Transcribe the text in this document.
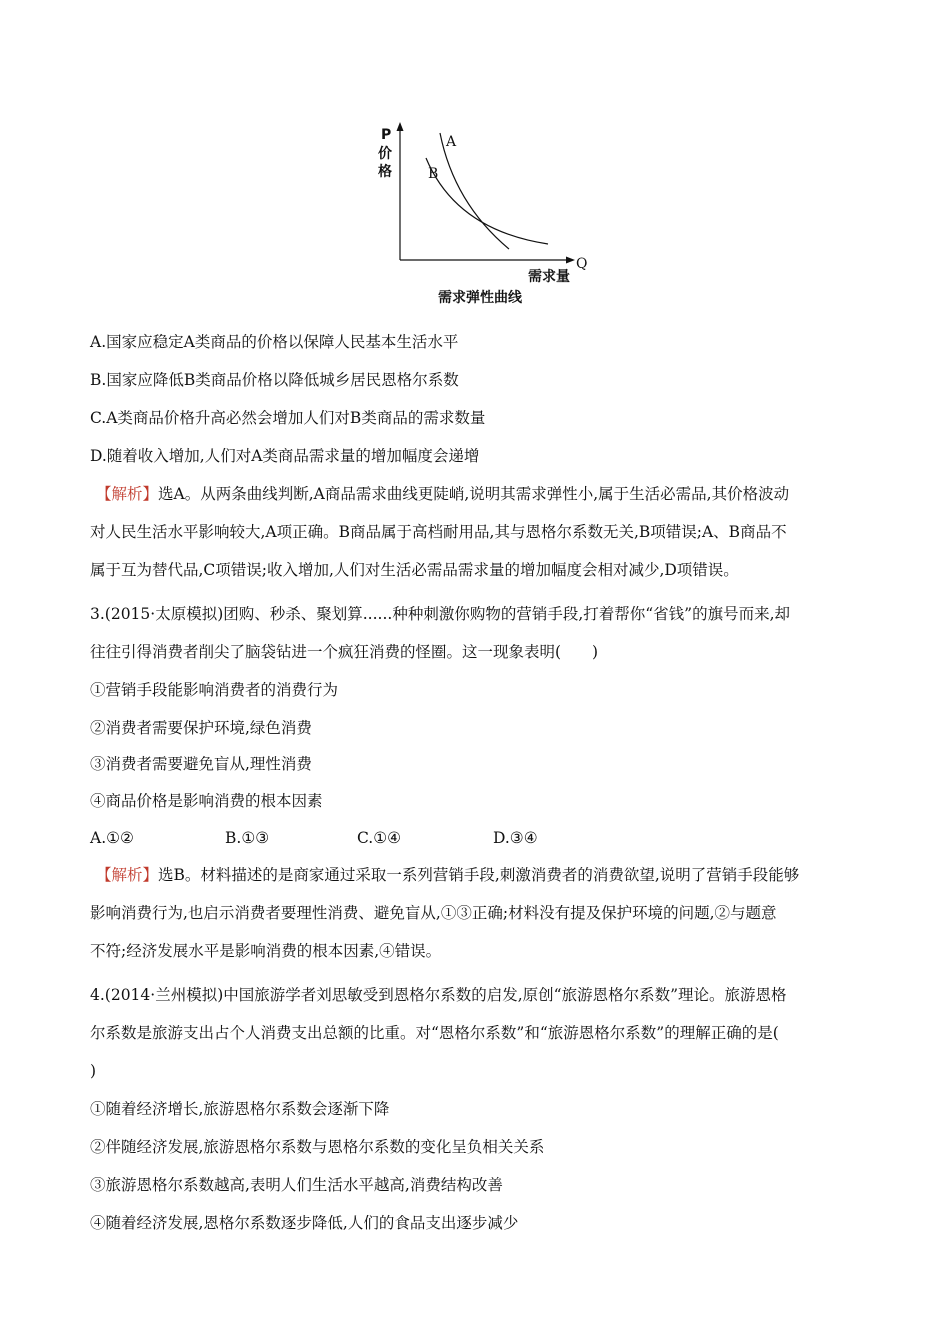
P
价
格
A
B
Q
需求量
需求弹性曲线
A.国家应稳定A类商品的价格以保障人民基本生活水平
B.国家应降低B类商品价格以降低城乡居民恩格尔系数
C.A类商品价格升高必然会增加人们对B类商品的需求数量
D.随着收入增加,人们对A类商品需求量的增加幅度会递增
【解析】选A。从两条曲线判断,A商品需求曲线更陡峭,说明其需求弹性小,属于生活必需品,其价格波动
对人民生活水平影响较大,A项正确。B商品属于高档耐用品,其与恩格尔系数无关,B项错误;A、B商品不
属于互为替代品,C项错误;收入增加,人们对生活必需品需求量的增加幅度会相对减少,D项错误。
3.(2015·太原模拟)团购、秒杀、聚划算......种种刺激你购物的营销手段,打着帮你“省钱”的旗号而来,却
往往引得消费者削尖了脑袋钻进一个疯狂消费的怪圈。这一现象表明(　　)
①营销手段能影响消费者的消费行为
②消费者需要保护环境,绿色消费
③消费者需要避免盲从,理性消费
④商品价格是影响消费的根本因素
A.①②	B.①③	C.①④	D.③④
【解析】选B。材料描述的是商家通过采取一系列营销手段,刺激消费者的消费欲望,说明了营销手段能够
影响消费行为,也启示消费者要理性消费、避免盲从,①③正确;材料没有提及保护环境的问题,②与题意
不符;经济发展水平是影响消费的根本因素,④错误。
4.(2014·兰州模拟)中国旅游学者刘思敏受到恩格尔系数的启发,原创“旅游恩格尔系数”理论。旅游恩格
尔系数是旅游支出占个人消费支出总额的比重。对“恩格尔系数”和“旅游恩格尔系数”的理解正确的是(
)
①随着经济增长,旅游恩格尔系数会逐渐下降
②伴随经济发展,旅游恩格尔系数与恩格尔系数的变化呈负相关关系
③旅游恩格尔系数越高,表明人们生活水平越高,消费结构改善
④随着经济发展,恩格尔系数逐步降低,人们的食品支出逐步减少
